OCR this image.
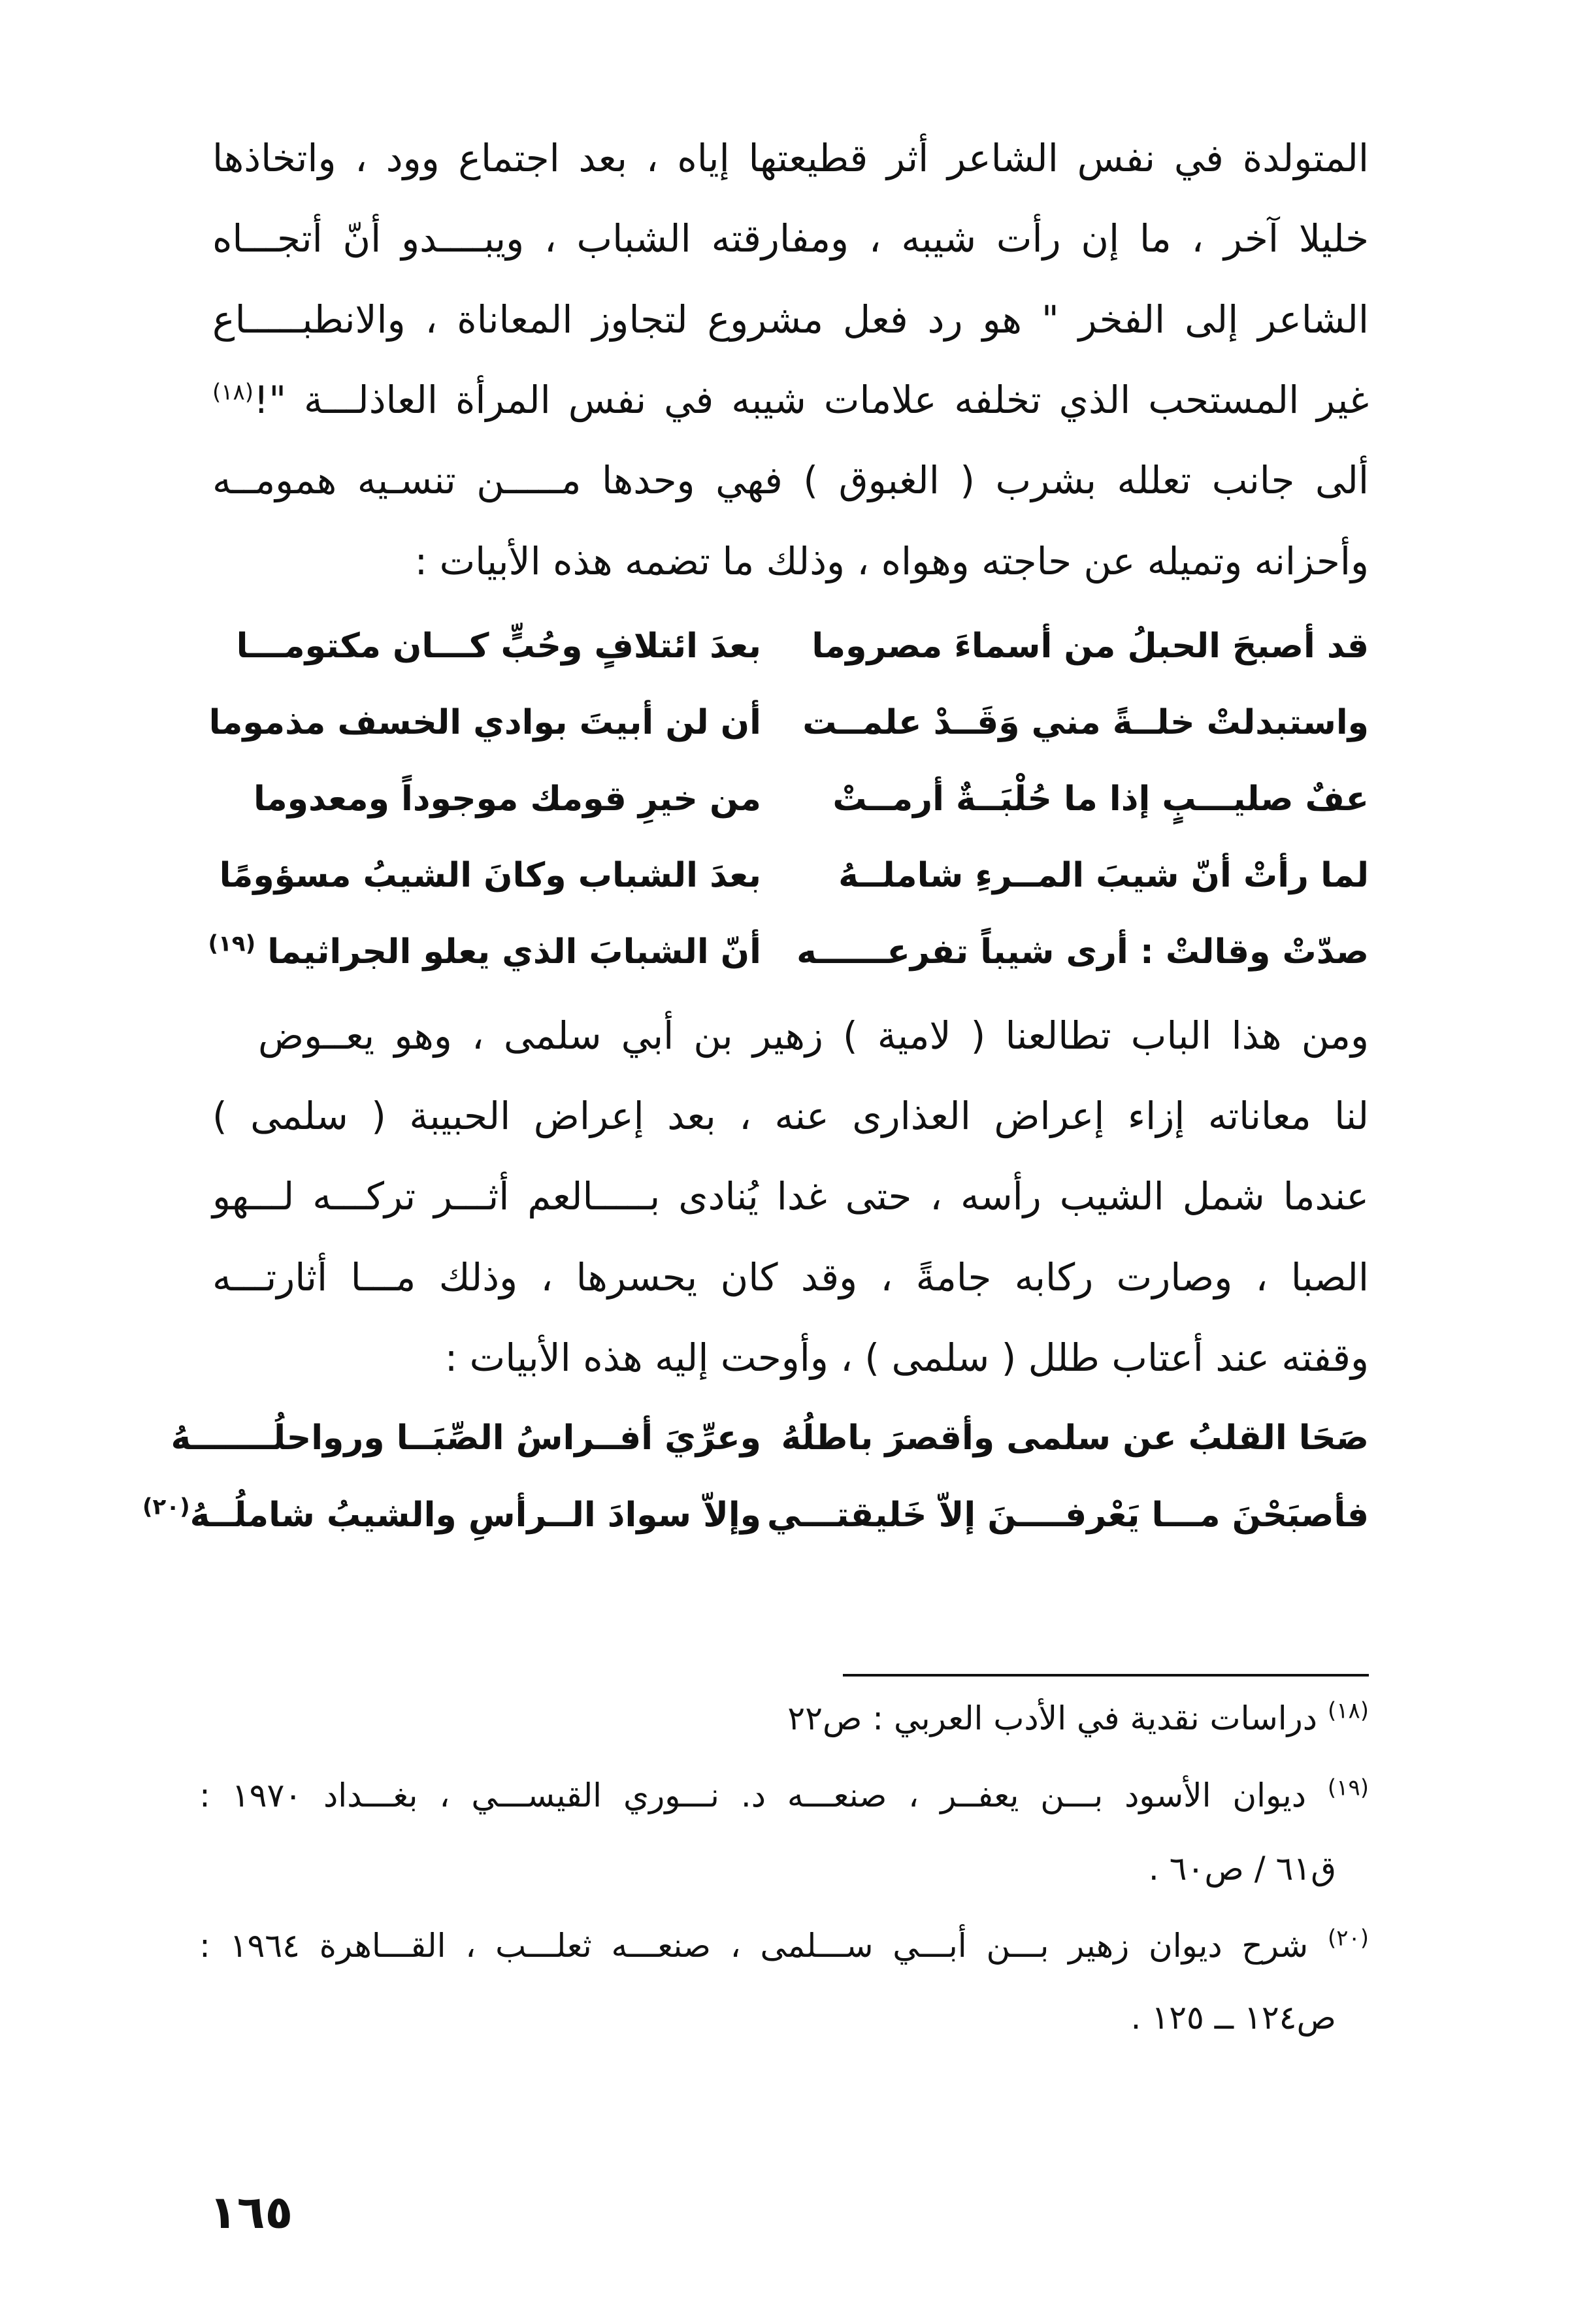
المتولدة في نفس الشاعر أثر قطيعتها إياه ، بعد اجتماع وود ، واتخاذها
خليلا آخر ، ما إن رأت شيبه ، ومفارقته الشباب ، ويبــــدو أنّ أتجـــاه
الشاعر إلى الفخر " هو رد فعل مشروع لتجاوز المعاناة ، والانطبـــــاع
غير المستحب الذي تخلفه علامات شيبه في نفس المرأة العاذلـــة "!$^{(١٨)}$
ألى جانب تعلله بشرب ( الغبوق ) فهي وحدها مـــــن تنسـيه همومــه
وأحزانه وتميله عن حاجته وهواه ، وذلك ما تضمه هذه الأبيات :
قد أصبحَ الحبلُ من أسماءَ مصروما
بعدَ ائتلافٍ وحُبٍّ كـــان مكتومـــا
واستبدلتْ خلــةً مني وَقَــدْ علمــت
أن لن أبيتَ بوادي الخسف مذموما
عفٌ صليـــبٍ إذا ما حُلْبَــةٌ أرمــتْ
من خيرِ قومك موجوداً ومعدوما
لما رأتْ أنّ شيبَ المــرءِ شاملــهُ
بعدَ الشباب وكانَ الشيبُ مسؤومًا
صدّتْ وقالتْ : أرى شيباً تفرعــــــه
أنّ الشبابَ الذي يعلو الجراثيما $^{(١٩)}$
ومن هذا الباب تطالعنا ( لامية ) زهير بن أبي سلمى ، وهو يعــوض
لنا معاناته إزاء إعراض العذارى عنه ، بعد إعراض الحبيبة ( سلمى )
عندما شمل الشيب رأسه ، حتى غدا يُنادى بـــــالعم أثـــر تركـــه لـــهو
الصبا ، وصارت ركابه جامةً ، وقد كان يحسرها ، وذلك مـــا أثارتـــه
وقفته عند أعتاب طلل ( سلمى ) ، وأوحت إليه هذه الأبيات :
صَحَا القلبُ عن سلمى وأقصرَ باطلُهُ
وعرِّيَ أفــراسُ الصِّبَــا ورواحلُـــــــهُ
فأصبَحْنَ مـــا يَعْرفــــنَ إلاّ خَليقتـــي
وإلاّ سوادَ الــرأسِ والشيبُ شاملُــهُ$^{(٢٠)}$
$^{(١٨)}$ دراسات نقدية في الأدب العربي : ص٢٢
$^{(١٩)}$ ديوان الأسود بـــن يعفــر ، صنعـــه د. نـــوري القيســـي ، بغـــداد ١٩٧٠ :
ق٦١ / ص٦٠ .
$^{(٢٠)}$ شرح ديوان زهير بـــن أبـــي ســـلمى ، صنعـــه ثعلـــب ، القـــاهرة ١٩٦٤ :
ص١٢٤ ــ ١٢٥ .
١٦٥
